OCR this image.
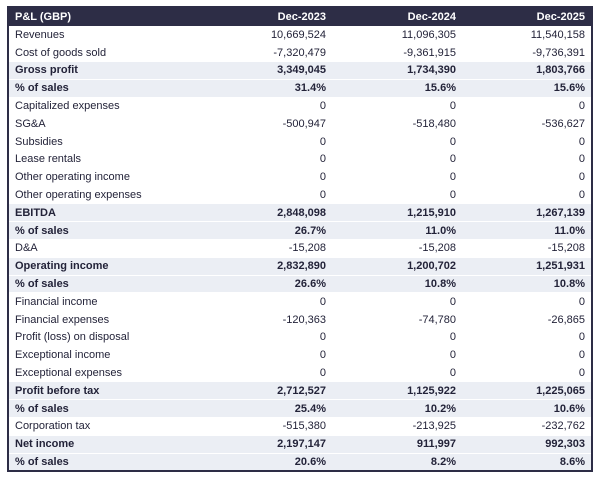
P&L (GBP)	Dec-2023	Dec-2024	Dec-2025
Revenues	10,669,524	11,096,305	11,540,158
Cost of goods sold	-7,320,479	-9,361,915	-9,736,391
Gross profit	3,349,045	1,734,390	1,803,766
% of sales	31.4%	15.6%	15.6%
Capitalized expenses	0	0	0
SG&A	-500,947	-518,480	-536,627
Subsidies	0	0	0
Lease rentals	0	0	0
Other operating income	0	0	0
Other operating expenses	0	0	0
EBITDA	2,848,098	1,215,910	1,267,139
% of sales	26.7%	11.0%	11.0%
D&A	-15,208	-15,208	-15,208
Operating income	2,832,890	1,200,702	1,251,931
% of sales	26.6%	10.8%	10.8%
Financial income	0	0	0
Financial expenses	-120,363	-74,780	-26,865
Profit (loss) on disposal	0	0	0
Exceptional income	0	0	0
Exceptional expenses	0	0	0
Profit before tax	2,712,527	1,125,922	1,225,065
% of sales	25.4%	10.2%	10.6%
Corporation tax	-515,380	-213,925	-232,762
Net income	2,197,147	911,997	992,303
% of sales	20.6%	8.2%	8.6%
